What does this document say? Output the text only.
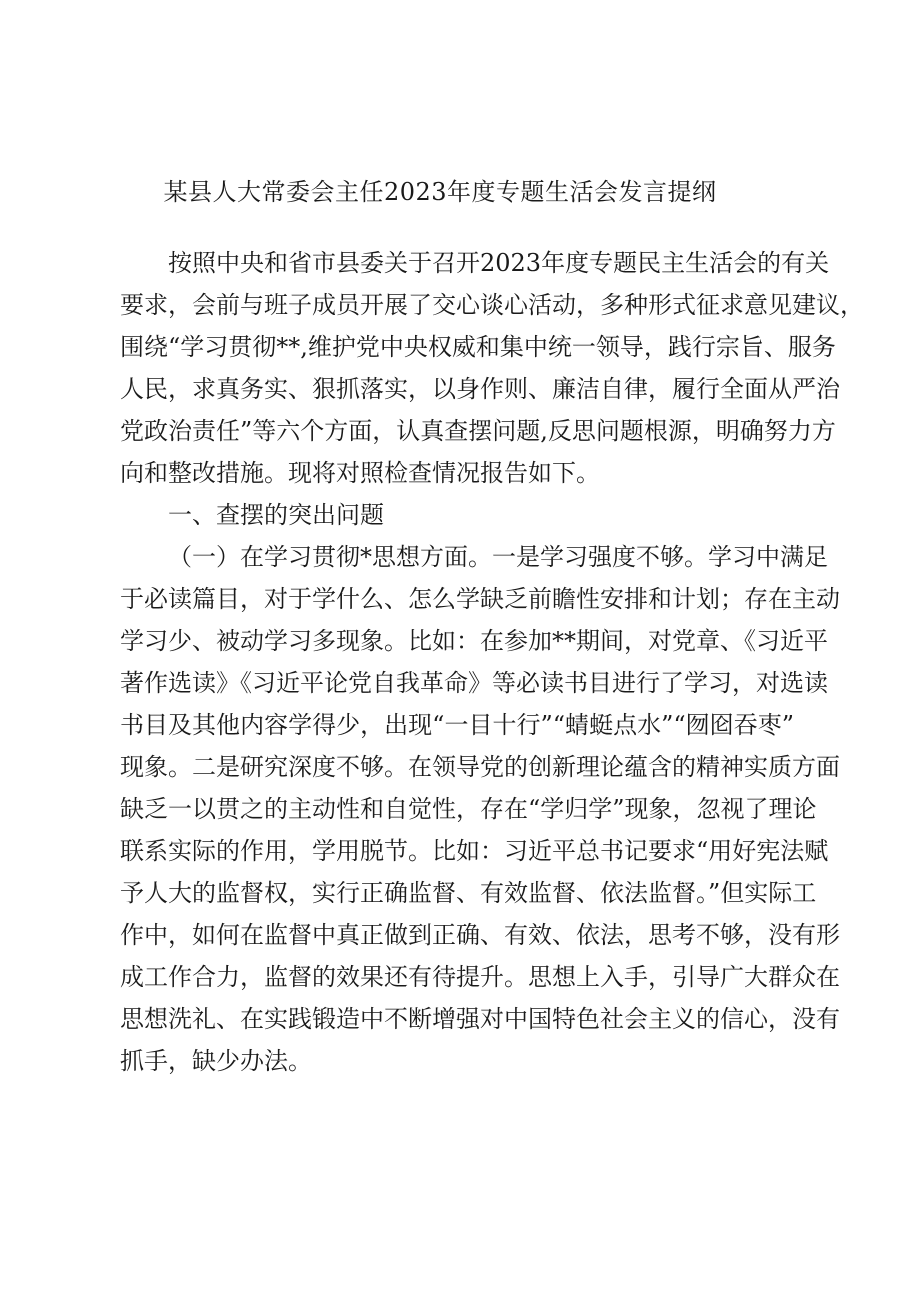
某县人大常委会主任2023年度专题生活会发言提纲
按照中央和省市县委关于召开2023年度专题民主生活会的有关
要求，会前与班子成员开展了交心谈心活动，多种形式征求意见建议，
围绕“学习贯彻**,维护党中央权威和集中统一领导，践行宗旨、服务
人民，求真务实、狠抓落实，以身作则、廉洁自律，履行全面从严治
党政治责任”等六个方面，认真查摆问题,反思问题根源，明确努力方
向和整改措施。现将对照检查情况报告如下。
一、查摆的突出问题
（一）在学习贯彻*思想方面。一是学习强度不够。学习中满足
于必读篇目，对于学什么、怎么学缺乏前瞻性安排和计划；存在主动
学习少、被动学习多现象。比如：在参加**期间，对党章、《习近平
著作选读》《习近平论党自我革命》等必读书目进行了学习，对选读
书目及其他内容学得少，出现“一目十行”“蜻蜓点水”“囫囵吞枣”
现象。二是研究深度不够。在领导党的创新理论蕴含的精神实质方面
缺乏一以贯之的主动性和自觉性，存在“学归学”现象，忽视了理论
联系实际的作用，学用脱节。比如：习近平总书记要求“用好宪法赋
予人大的监督权，实行正确监督、有效监督、依法监督。”但实际工
作中，如何在监督中真正做到正确、有效、依法，思考不够，没有形
成工作合力，监督的效果还有待提升。思想上入手，引导广大群众在
思想洗礼、在实践锻造中不断增强对中国特色社会主义的信心，没有
抓手，缺少办法。
